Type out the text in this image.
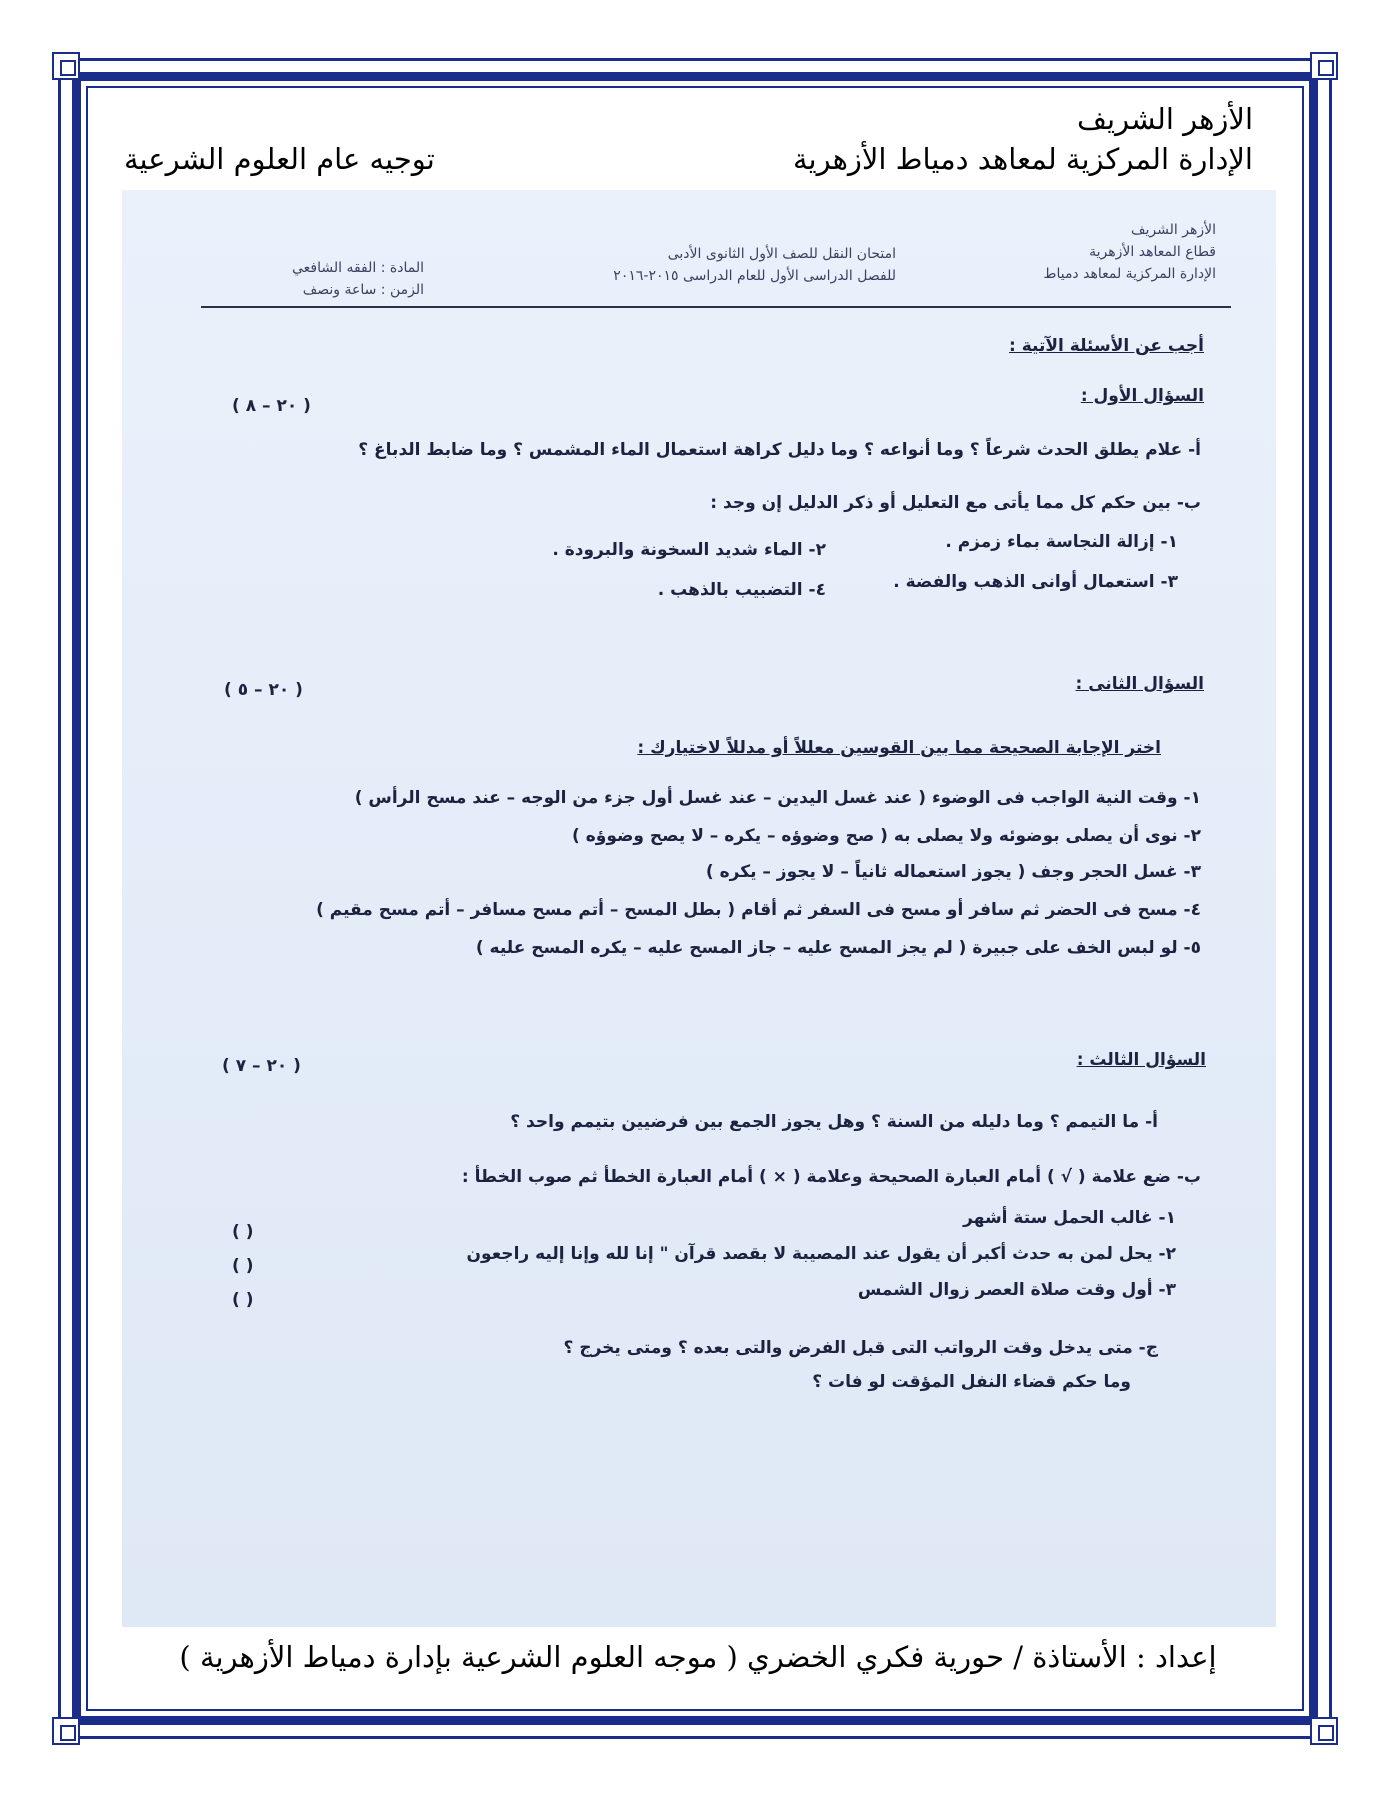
الأزهر الشريف
الإدارة المركزية لمعاهد دمياط الأزهرية
توجيه عام العلوم الشرعية
الأزهر الشريف
قطاع المعاهد الأزهرية
الإدارة المركزية لمعاهد دمياط
امتحان النقل للصف الأول الثانوى الأدبى
للفصل الدراسى الأول للعام الدراسى ٢٠١٥-٢٠١٦
المادة : الفقه الشافعي
الزمن : ساعة ونصف
أجب عن الأسئلة الآتية :
السؤال الأول :
( ٢٠ – ٨ )
أ- علام يطلق الحدث شرعاً ؟ وما أنواعه ؟ وما دليل كراهة استعمال الماء المشمس ؟ وما ضابط الدباغ ؟
ب- بين حكم كل مما يأتى مع التعليل أو ذكر الدليل إن وجد :
١- إزالة النجاسة بماء زمزم .
٢- الماء شديد السخونة والبرودة .
٣- استعمال أوانى الذهب والفضة .
٤- التضبيب بالذهب .
السؤال الثانى :
( ٢٠ – ٥ )
اختر الإجابة الصحيحة مما بين القوسين معللاً أو مدللاً لاختيارك :
١- وقت النية الواجب فى الوضوء ( عند غسل اليدين – عند غسل أول جزء من الوجه – عند مسح الرأس )
٢- نوى أن يصلى بوضوئه ولا يصلى به ( صح وضوؤه – يكره – لا يصح وضوؤه )
٣- غسل الحجر وجف ( يجوز استعماله ثانياً – لا يجوز – يكره )
٤- مسح فى الحضر ثم سافر أو مسح فى السفر ثم أقام ( بطل المسح – أتم مسح مسافر – أتم مسح مقيم )
٥- لو لبس الخف على جبيرة ( لم يجز المسح عليه – جاز المسح عليه – يكره المسح عليه )
السؤال الثالث :
( ٢٠ – ٧ )
أ- ما التيمم ؟ وما دليله من السنة ؟ وهل يجوز الجمع بين فرضيين بتيمم واحد ؟
ب- ضع علامة ( √ ) أمام العبارة الصحيحة وعلامة ( × ) أمام العبارة الخطأ ثم صوب الخطأ :
١- غالب الحمل ستة أشهر
٢- يحل لمن به حدث أكبر أن يقول عند المصيبة لا بقصد قرآن " إنا لله وإنا إليه راجعون
٣- أول وقت صلاة العصر زوال الشمس
( )
( )
( )
ج- متى يدخل وقت الرواتب التى قبل الفرض والتى بعده ؟ ومتى يخرج ؟
وما حكم قضاء النفل المؤقت لو فات ؟
إعداد : الأستاذة / حورية فكري الخضري ( موجه العلوم الشرعية بإدارة دمياط الأزهرية )
